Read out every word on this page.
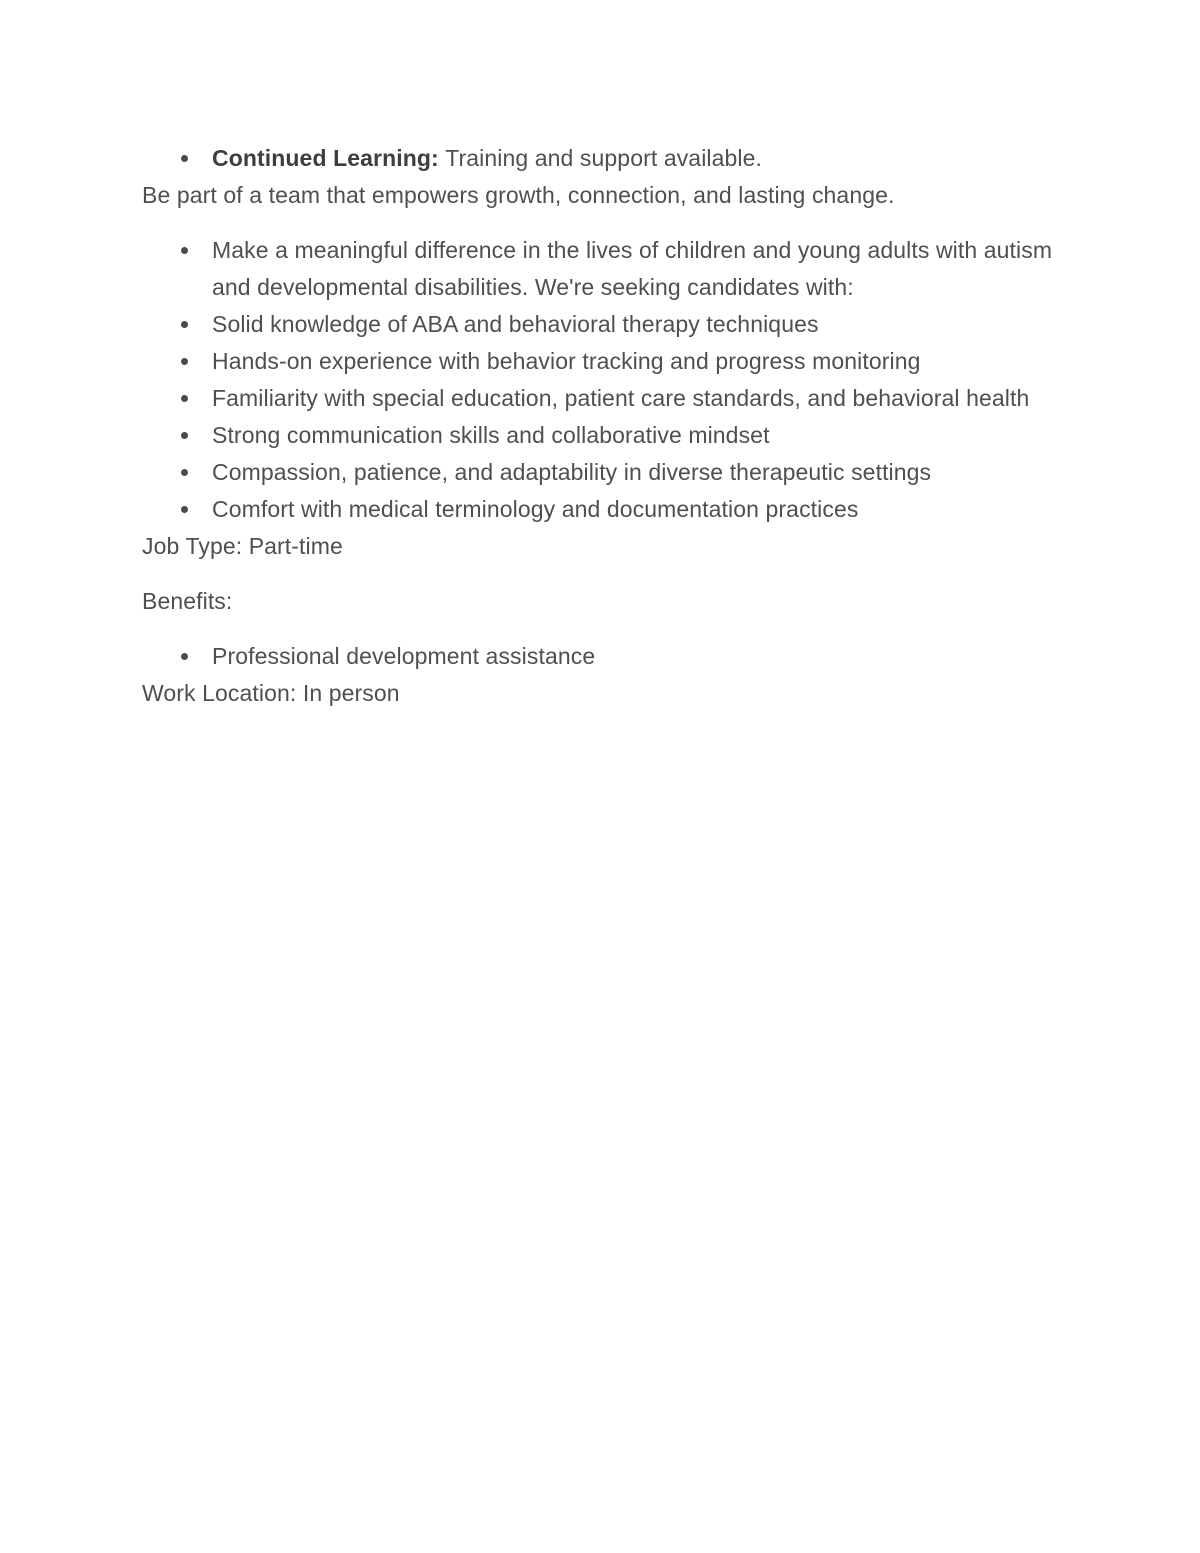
Continued Learning: Training and support available.

Be part of a team that empowers growth, connection, and lasting change.

Make a meaningful difference in the lives of children and young adults with autism and developmental disabilities. We're seeking candidates with:
Solid knowledge of ABA and behavioral therapy techniques
Hands-on experience with behavior tracking and progress monitoring
Familiarity with special education, patient care standards, and behavioral health
Strong communication skills and collaborative mindset
Compassion, patience, and adaptability in diverse therapeutic settings
Comfort with medical terminology and documentation practices

Job Type: Part-time

Benefits:

Professional development assistance

Work Location: In person
